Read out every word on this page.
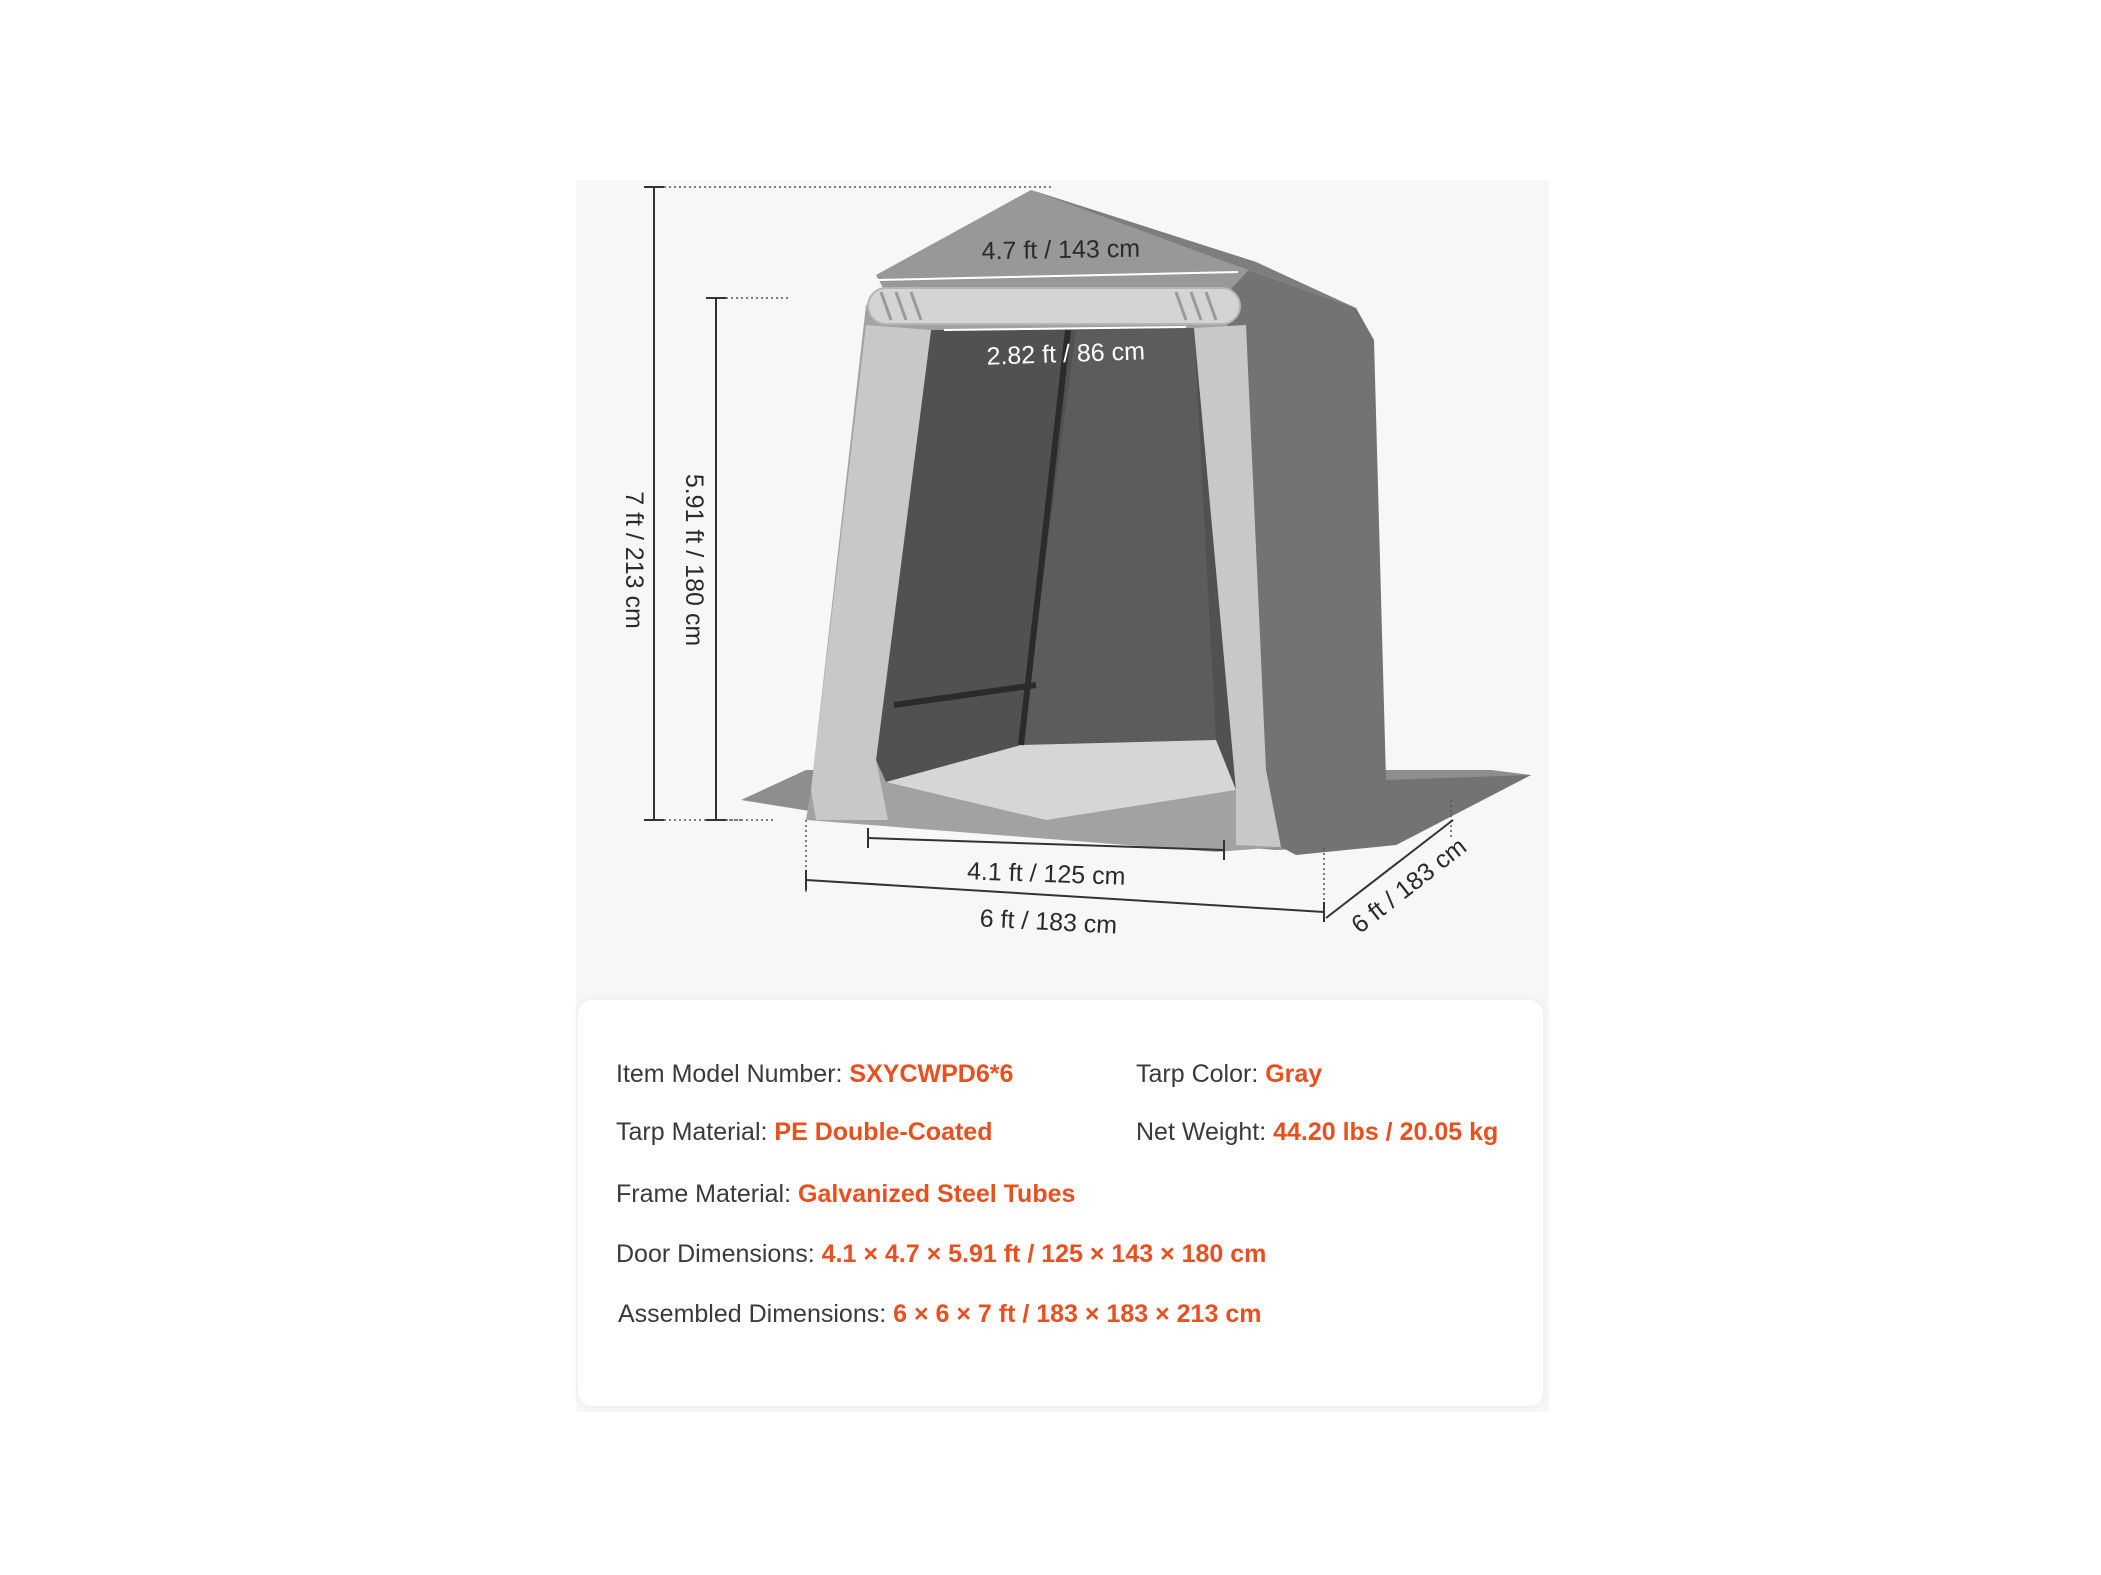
4.7 ft / 143 cm
2.82 ft / 86 cm
7 ft / 213 cm 5.91 ft / 180 cm
4.1 ft / 125 cm
6 ft / 183 cm	6 ft / 183 cm
Item Model Number: SXYCWPD6*6	Tarp Color: Gray
Tarp Material: PE Double-Coated	Net Weight: 44.20 lbs / 20.05 kg
Frame Material: Galvanized Steel Tubes
Door Dimensions: 4.1 × 4.7 × 5.91 ft / 125 × 143 × 180 cm
Assembled Dimensions: 6 × 6 × 7 ft / 183 × 183 × 213 cm
